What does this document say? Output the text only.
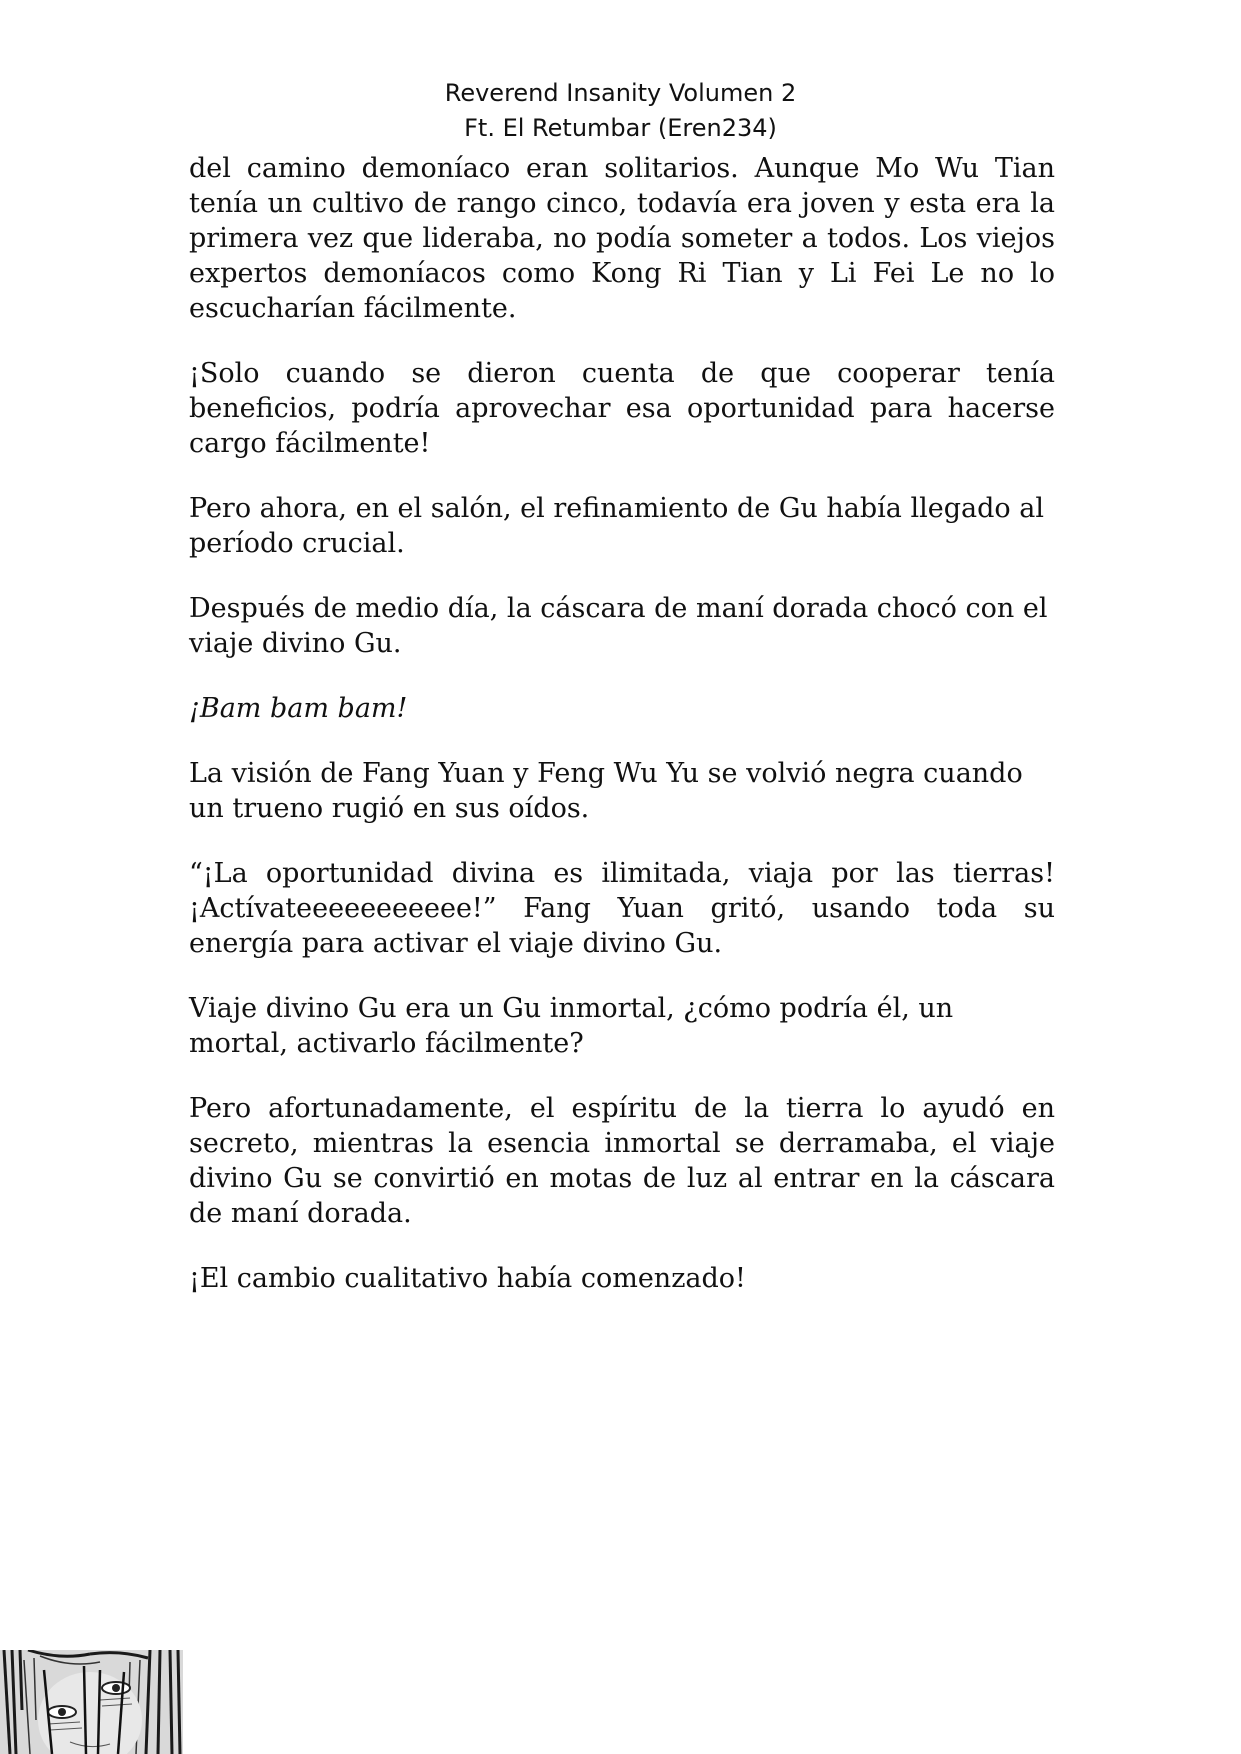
Reverend Insanity Volumen 2
Ft. El Retumbar (Eren234)

del camino demoníaco eran solitarios. Aunque Mo Wu Tian tenía un cultivo de rango cinco, todavía era joven y esta era la primera vez que lideraba, no podía someter a todos. Los viejos expertos demoníacos como Kong Ri Tian y Li Fei Le no lo escucharían fácilmente.

¡Solo cuando se dieron cuenta de que cooperar tenía beneficios, podría aprovechar esa oportunidad para hacerse cargo fácilmente!

Pero ahora, en el salón, el refinamiento de Gu había llegado al período crucial.

Después de medio día, la cáscara de maní dorada chocó con el viaje divino Gu.

¡Bam bam bam!

La visión de Fang Yuan y Feng Wu Yu se volvió negra cuando un trueno rugió en sus oídos.

“¡La oportunidad divina es ilimitada, viaja por las tierras! ¡Actívateeeeeeeeeee!” Fang Yuan gritó, usando toda su energía para activar el viaje divino Gu.

Viaje divino Gu era un Gu inmortal, ¿cómo podría él, un mortal, activarlo fácilmente?

Pero afortunadamente, el espíritu de la tierra lo ayudó en secreto, mientras la esencia inmortal se derramaba, el viaje divino Gu se convirtió en motas de luz al entrar en la cáscara de maní dorada.

¡El cambio cualitativo había comenzado!
